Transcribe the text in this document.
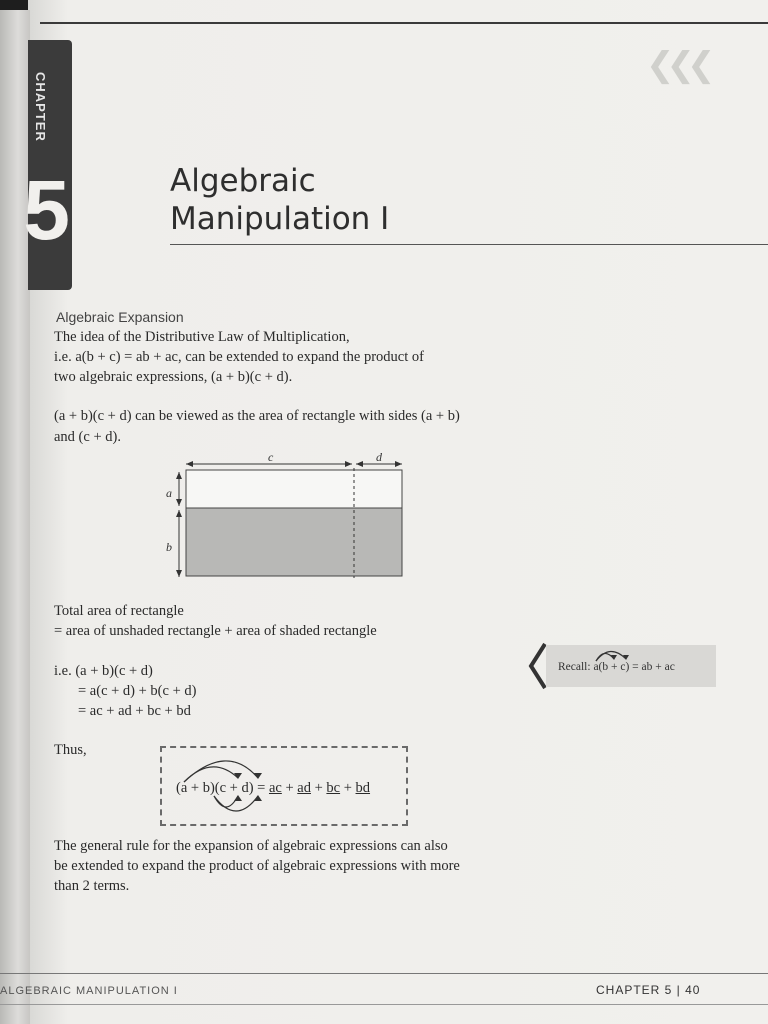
CHAPTER
5
❮❮❮
Algebraic
Manipulation I
Algebraic Expansion
The idea of the Distributive Law of Multiplication,
i.e. a(b + c) = ab + ac, can be extended to expand the product of
two algebraic expressions, (a + b)(c + d).
(a + b)(c + d) can be viewed as the area of rectangle with sides (a + b)
and (c + d).
c	d
a
b
Total area of rectangle
= area of unshaded rectangle + area of shaded rectangle
i.e. (a + b)(c + d)
= a(c + d) + b(c + d)
= ac + ad + bc + bd
Recall: a(b + c) = ab + ac
Thus,
(a + b)(c + d) = ac + ad + bc + bd
The general rule for the expansion of algebraic expressions can also
be extended to expand the product of algebraic expressions with more
than 2 terms.
ALGEBRAIC MANIPULATION I	CHAPTER 5 | 40
